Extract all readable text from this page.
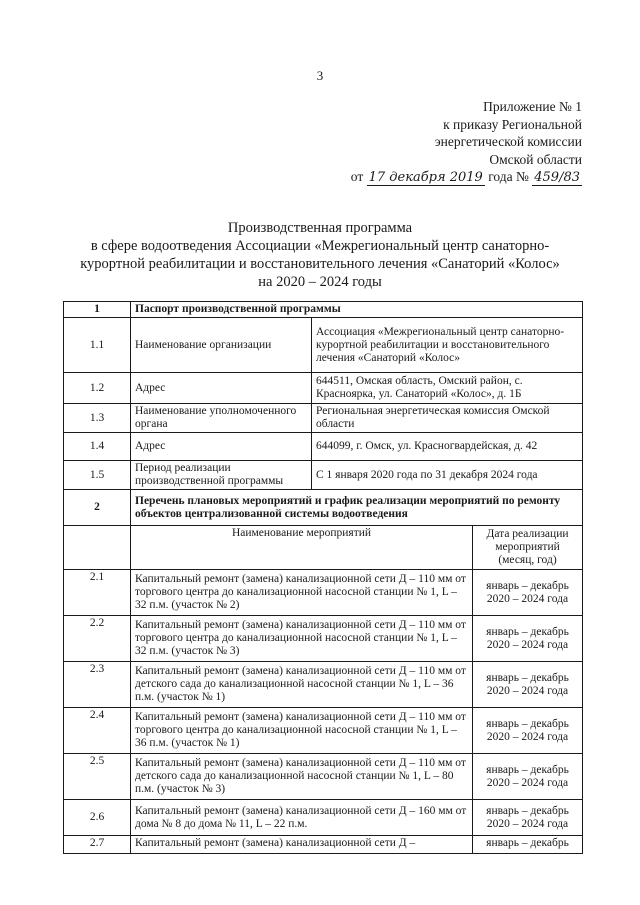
3
Приложение № 1
к приказу Региональной
энергетической комиссии
Омской области
от 17 декабря 2019 года № 459/83
Производственная программа
в сфере водоотведения Ассоциации «Межрегиональный центр санаторно-
курортной реабилитации и восстановительного лечения «Санаторий «Колос»
на 2020 – 2024 годы
1	Паспорт производственной программы		
1.1	Наименование организации	Ассоциация «Межрегиональный центр санаторно-курортной реабилитации и восстановительного лечения «Санаторий «Колос»	
1.2	Адрес	644511, Омская область, Омский район, с. Красноярка, ул. Санаторий «Колос», д. 1Б	
1.3	Наименование уполномоченного органа	Региональная энергетическая комиссия Омской области	
1.4	Адрес	644099, г. Омск, ул. Красногвардейская, д. 42	
1.5	Период реализации производственной программы	С 1 января 2020 года по 31 декабря 2024 года	
2	Перечень плановых мероприятий и график реализации мероприятий по ремонту объектов централизованной системы водоотведения		
	Наименование мероприятий		Дата реализации мероприятий (месяц, год)
2.1	Капитальный ремонт (замена) канализационной сети Д – 110 мм от торгового центра до канализационной насосной станции № 1, L – 32 п.м. (участок № 2)		январь – декабрь 2020 – 2024 года
2.2	Капитальный ремонт (замена) канализационной сети Д – 110 мм от торгового центра до канализационной насосной станции № 1, L – 32 п.м. (участок № 3)		январь – декабрь 2020 – 2024 года
2.3	Капитальный ремонт (замена) канализационной сети Д – 110 мм от детского сада до канализационной насосной станции № 1, L – 36 п.м. (участок № 1)		январь – декабрь 2020 – 2024 года
2.4	Капитальный ремонт (замена) канализационной сети Д – 110 мм от торгового центра до канализационной насосной станции № 1, L – 36 п.м. (участок № 1)		январь – декабрь 2020 – 2024 года
2.5	Капитальный ремонт (замена) канализационной сети Д – 110 мм от детского сада до канализационной насосной станции № 1, L – 80 п.м. (участок № 3)		январь – декабрь 2020 – 2024 года
2.6	Капитальный ремонт (замена) канализационной сети Д – 160 мм от дома № 8 до дома № 11, L – 22 п.м.		январь – декабрь 2020 – 2024 года
2.7	Капитальный ремонт (замена) канализационной сети Д –		январь – декабрь
